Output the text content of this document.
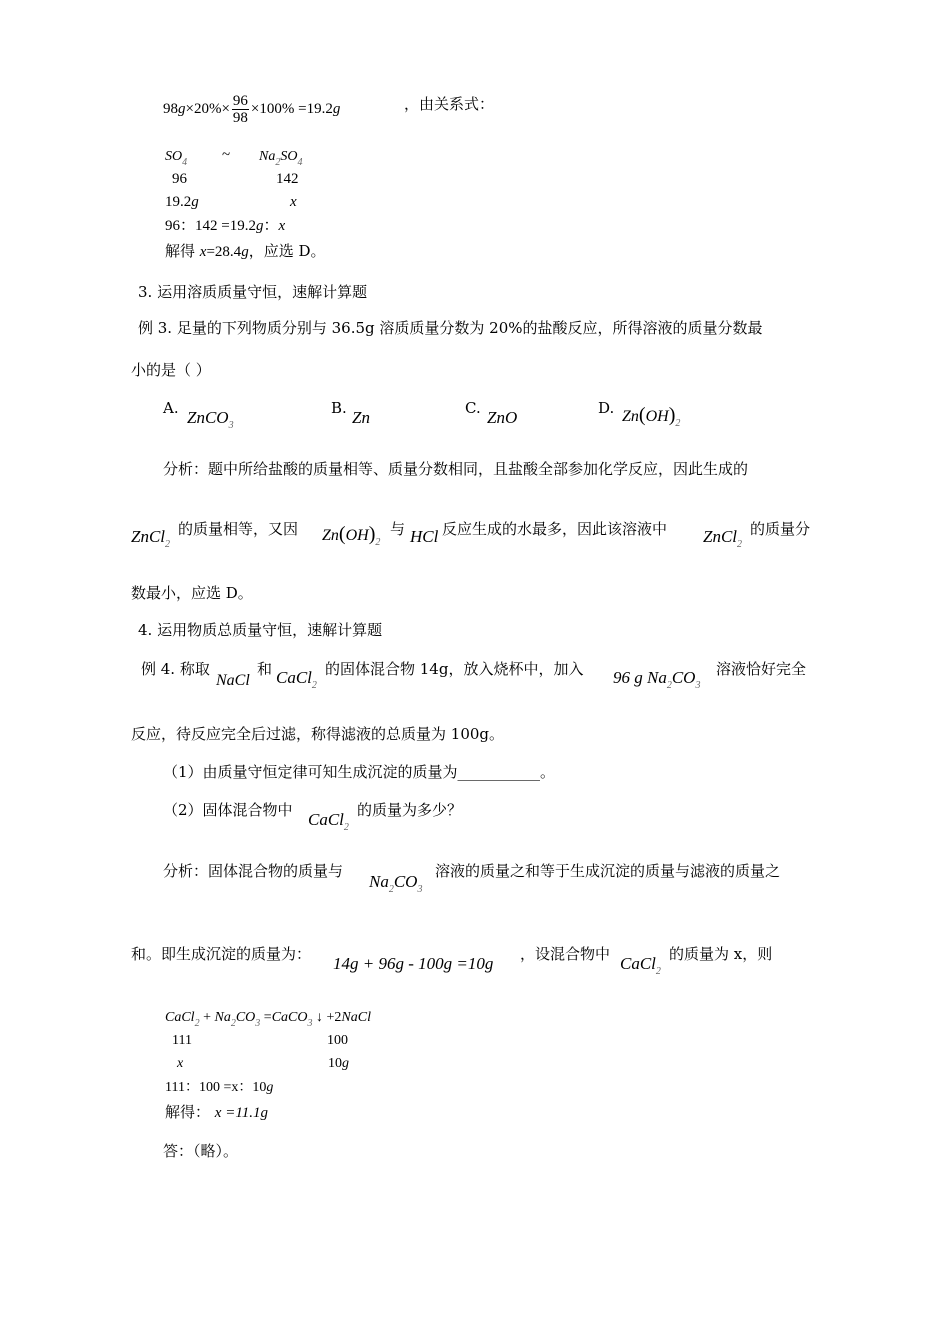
$98g\times 20\%\times \frac{96}{98} \times 100\% =19.2g$	，由关系式：
$SO_4$ ~ $Na_2SO_4$
96	142
19.2g	x
96：142 =19.2g：x
解得 x=28.4g，应选 D。
3. 运用溶质质量守恒，速解计算题
例 3. 足量的下列物质分别与 36.5g 溶质质量分数为 20%的盐酸反应，所得溶液的质量分数最
小的是（ ）
A. ZnCO$_3$
B. Zn	C. ZnO	D. $Zn(OH)_2$
分析：题中所给盐酸的质量相等、质量分数相同，且盐酸全部参加化学反应，因此生成的
ZnCl$_2$
的质量相等，又因 $Zn(OH)_2$
与 HCl 反应生成的水最多，因此该溶液中 ZnCl$_2$
的质量分
数最小，应选 D。
4. 运用物质总质量守恒，速解计算题
例 4. 称取
NaCl
和 CaCl$_2$
的固体混合物 14g，放入烧杯中，加入 96 g $Na_2CO_3$
溶液恰好完全
反应，待反应完全后过滤，称得滤液的总质量为 100g。
（1）由质量守恒定律可知生成沉淀的质量为___________。
（2）固体混合物中 CaCl$_2$
的质量为多少？
分析：固体混合物的质量与
$Na_2CO_3$
溶液的质量之和等于生成沉淀的质量与滤液的质量之
和。即生成沉淀的质量为： 14g + 96g - 100g =10g ，设混合物中 CaCl$_2$
的质量为 x，则
CaCl$_2$ + $Na_2CO_3$ =CaCO$_3$ ↓ +2NaCl
111	100
x	10g
111：100 =x：10g
解得： x =11.1g
答：（略）。
